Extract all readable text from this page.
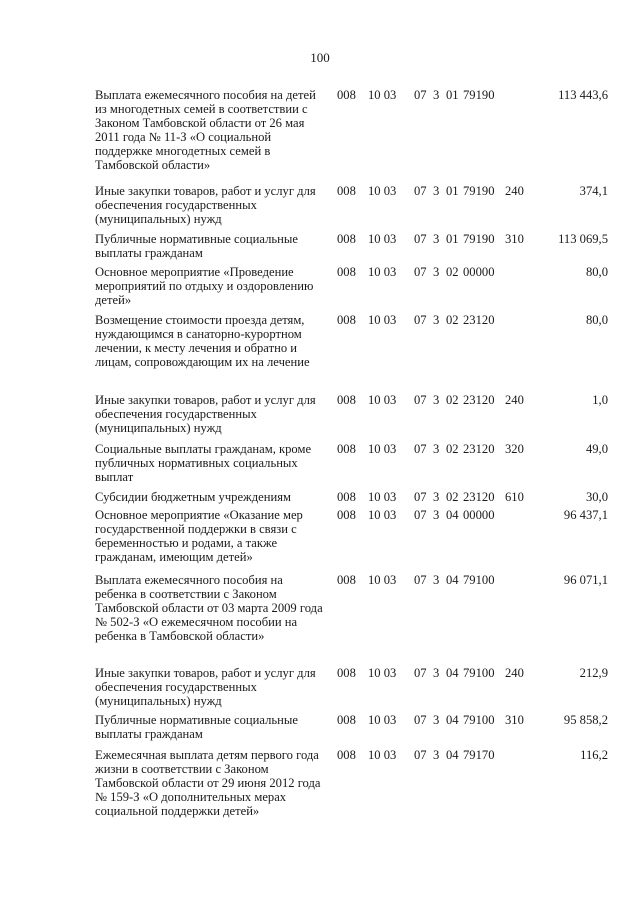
100
Выплата ежемесячного пособия на детей из многодетных семей в соответствии с Законом Тамбовской области от 26 мая 2011 года № 11-З «О социальной поддержке многодетных семей в Тамбовской области»
008 10 03 07 3 01 79190	113 443,6
Иные закупки товаров, работ и услуг для обеспечения государственных (муниципальных) нужд
008 10 03 07 3 01 79190 240	374,1
Публичные нормативные социальные выплаты гражданам
008 10 03 07 3 01 79190 310	113 069,5
Основное мероприятие «Проведение мероприятий по отдыху и оздоровлению детей»
008 10 03 07 3 02 00000	80,0
Возмещение стоимости проезда детям, нуждающимся в санаторно-курортном лечении, к месту лечения и обратно и лицам, сопровождающим их на лечение
008 10 03 07 3 02 23120	80,0
Иные закупки товаров, работ и услуг для обеспечения государственных (муниципальных) нужд
008 10 03 07 3 02 23120 240	1,0
Социальные выплаты гражданам, кроме публичных нормативных социальных выплат
008 10 03 07 3 02 23120 320	49,0
Субсидии бюджетным учреждениям	008 10 03 07 3 02 23120 610	30,0
Основное мероприятие «Оказание мер государственной поддержки в связи с беременностью и родами, а также гражданам, имеющим детей»
008 10 03 07 3 04 00000	96 437,1
Выплата ежемесячного пособия на ребенка в соответствии с Законом Тамбовской области от 03 марта 2009 года № 502-З «О ежемесячном пособии на ребенка в Тамбовской области»
008 10 03 07 3 04 79100	96 071,1
Иные закупки товаров, работ и услуг для обеспечения государственных (муниципальных) нужд
008 10 03 07 3 04 79100 240	212,9
Публичные нормативные социальные выплаты гражданам
008 10 03 07 3 04 79100 310	95 858,2
Ежемесячная выплата детям первого года жизни в соответствии с Законом Тамбовской области от 29 июня 2012 года № 159-З «О дополнительных мерах социальной поддержки детей»
008 10 03 07 3 04 79170	116,2
